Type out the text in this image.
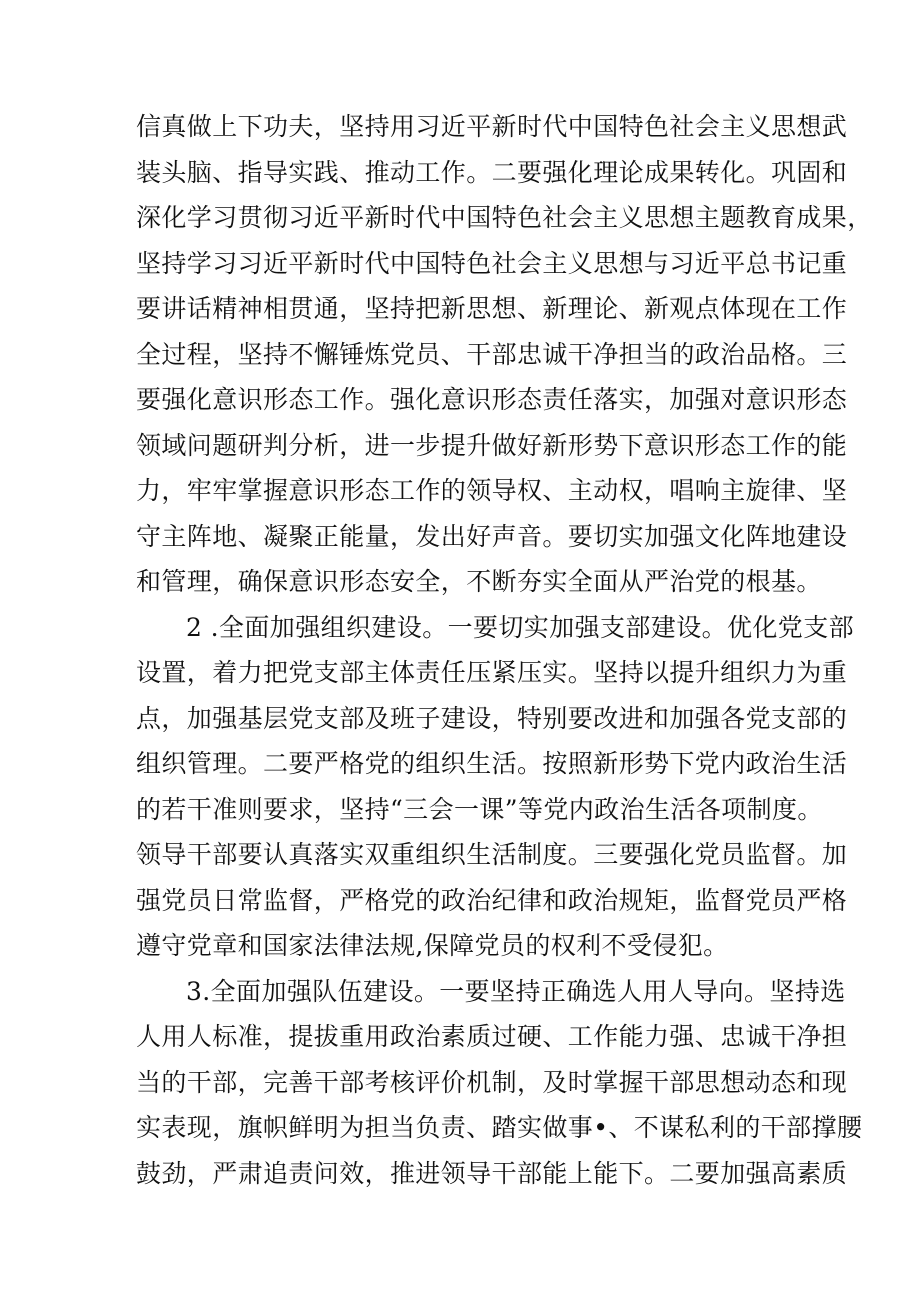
信真做上下功夫，坚持用习近平新时代中国特色社会主义思想武
装头脑、指导实践、推动工作。二要强化理论成果转化。巩固和
深化学习贯彻习近平新时代中国特色社会主义思想主题教育成果，
坚持学习习近平新时代中国特色社会主义思想与习近平总书记重
要讲话精神相贯通，坚持把新思想、新理论、新观点体现在工作
全过程，坚持不懈锤炼党员、干部忠诚干净担当的政治品格。三
要强化意识形态工作。强化意识形态责任落实，加强对意识形态
领域问题研判分析，进一步提升做好新形势下意识形态工作的能
力，牢牢掌握意识形态工作的领导权、主动权，唱响主旋律、坚
守主阵地、凝聚正能量，发出好声音。要切实加强文化阵地建设
和管理，确保意识形态安全，不断夯实全面从严治党的根基。
2 .全面加强组织建设。一要切实加强支部建设。优化党支部
设置，着力把党支部主体责任压紧压实。坚持以提升组织力为重
点，加强基层党支部及班子建设，特别要改进和加强各党支部的
组织管理。二要严格党的组织生活。按照新形势下党内政治生活
的若干准则要求，坚持“三会一课”等党内政治生活各项制度。
领导干部要认真落实双重组织生活制度。三要强化党员监督。加
强党员日常监督，严格党的政治纪律和政治规矩，监督党员严格
遵守党章和国家法律法规,保障党员的权利不受侵犯。
3.全面加强队伍建设。一要坚持正确选人用人导向。坚持选
人用人标准，提拔重用政治素质过硬、工作能力强、忠诚干净担
当的干部，完善干部考核评价机制，及时掌握干部思想动态和现
实表现，旗帜鲜明为担当负责、踏实做事•、不谋私利的干部撑腰
鼓劲，严肃追责问效，推进领导干部能上能下。二要加强高素质
